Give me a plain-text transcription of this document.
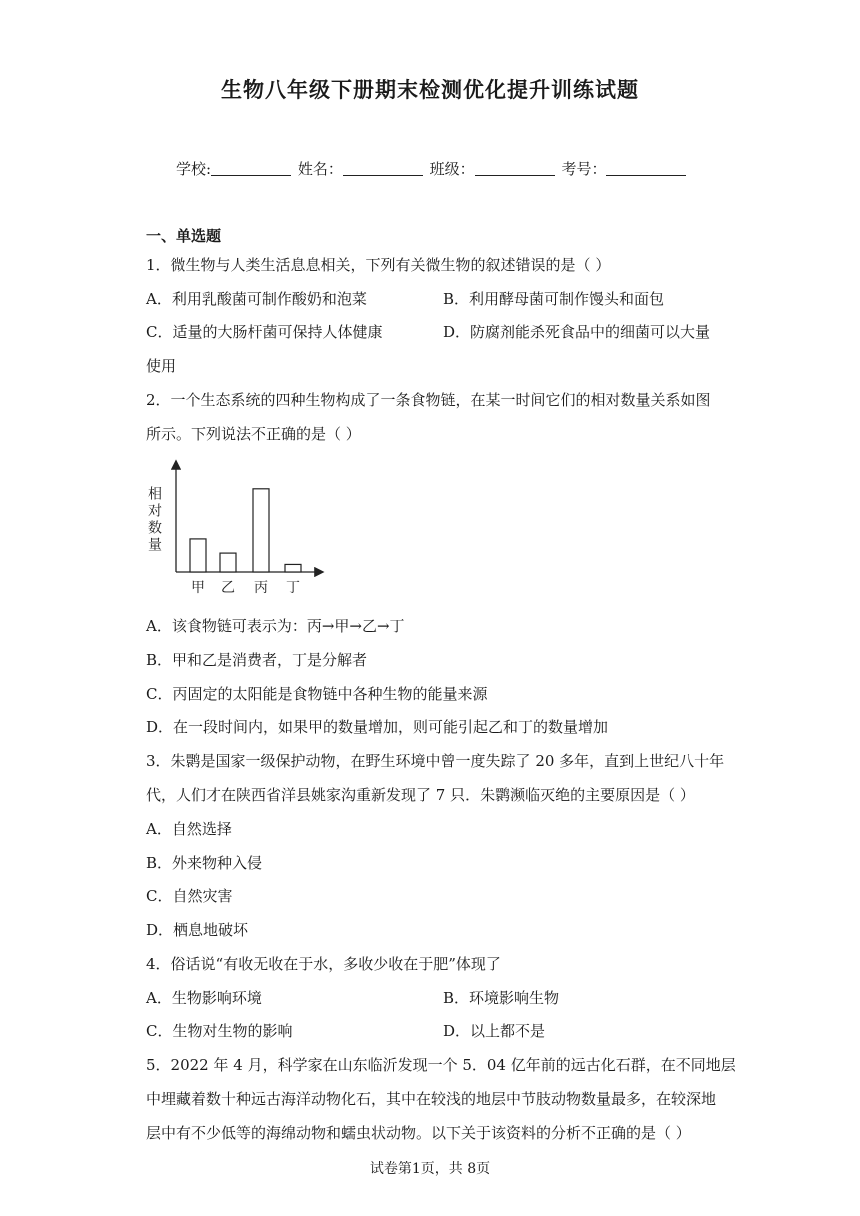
生物八年级下册期末检测优化提升训练试题
学校:	姓名：	班级：	考号：
一、单选题
1．微生物与人类生活息息相关，下列有关微生物的叙述错误的是（ ）
A．利用乳酸菌可制作酸奶和泡菜	B．利用酵母菌可制作馒头和面包
C．适量的大肠杆菌可保持人体健康	D．防腐剂能杀死食品中的细菌可以大量
使用
2．一个生态系统的四种生物构成了一条食物链，在某一时间它们的相对数量关系如图
所示。下列说法不正确的是（ ）
相对数量
甲 乙 丙 丁
A．该食物链可表示为：丙→甲→乙→丁
B．甲和乙是消费者，丁是分解者
C．丙固定的太阳能是食物链中各种生物的能量来源
D．在一段时间内，如果甲的数量增加，则可能引起乙和丁的数量增加
3．朱鹮是国家一级保护动物，在野生环境中曾一度失踪了 20 多年，直到上世纪八十年
代，人们才在陕西省洋县姚家沟重新发现了 7 只．朱鹮濒临灭绝的主要原因是（ ）
A．自然选择
B．外来物种入侵
C．自然灾害
D．栖息地破坏
4．俗话说“有收无收在于水，多收少收在于肥”体现了
A．生物影响环境	B．环境影响生物
C．生物对生物的影响	D．以上都不是
5．2022 年 4 月，科学家在山东临沂发现一个 5．04 亿年前的远古化石群，在不同地层
中埋藏着数十种远古海洋动物化石，其中在较浅的地层中节肢动物数量最多，在较深地
层中有不少低等的海绵动物和蠕虫状动物。以下关于该资料的分析不正确的是（ ）
试卷第1页，共 8页
